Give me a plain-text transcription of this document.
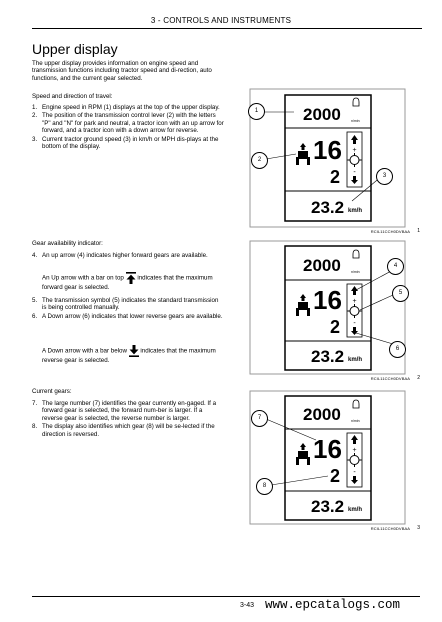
3 - CONTROLS AND INSTRUMENTS
Upper display
The upper display provides information on engine speed and transmission functions including tractor speed and di-rection, auto functions, and the current gear selected.
Speed and direction of travel:
1. Engine speed in RPM (1) displays at the top of the upper display.
2. The position of the transmission control lever (2) with the letters "P" and "N" for park and neutral, a tractor icon with an up arrow for forward, and a tractor icon with a down arrow for reverse.
3. Current tractor ground speed (3) in km/h or MPH dis-plays at the bottom of the display.
Gear availability indicator:
4. An up arrow (4) indicates higher forward gears are available.
An Up arrow with a bar on top indicates that the maximum forward gear is selected.
5. The transmission symbol (5) indicates the standard transmission is being controlled manually.
6. A Down arrow (6) indicates that lower reverse gears are available.
A Down arrow with a bar below indicates that the maximum reverse gear is selected.
Current gears:
7. The large number (7) identifies the gear currently en-gaged. If a forward gear is selected, the forward num-ber is larger. If a reverse gear is selected, the reverse number is larger.
8. The display also identifies which gear (8) will be se-lected if the direction is reversed.
+
-
2000	n/min
16
2
23.2 km/h
1
2
3
RCIL11CCH0DVBAA 1
+
-
2000	n/min
16
2
23.2 km/h
4
5
6
RCIL11CCH0DVBAA 2
+
-
2000	n/min
16
2
23.2 km/h
7
8
RCIL11CCH0DVBAA 3
3-43 www.epcatalogs.com
